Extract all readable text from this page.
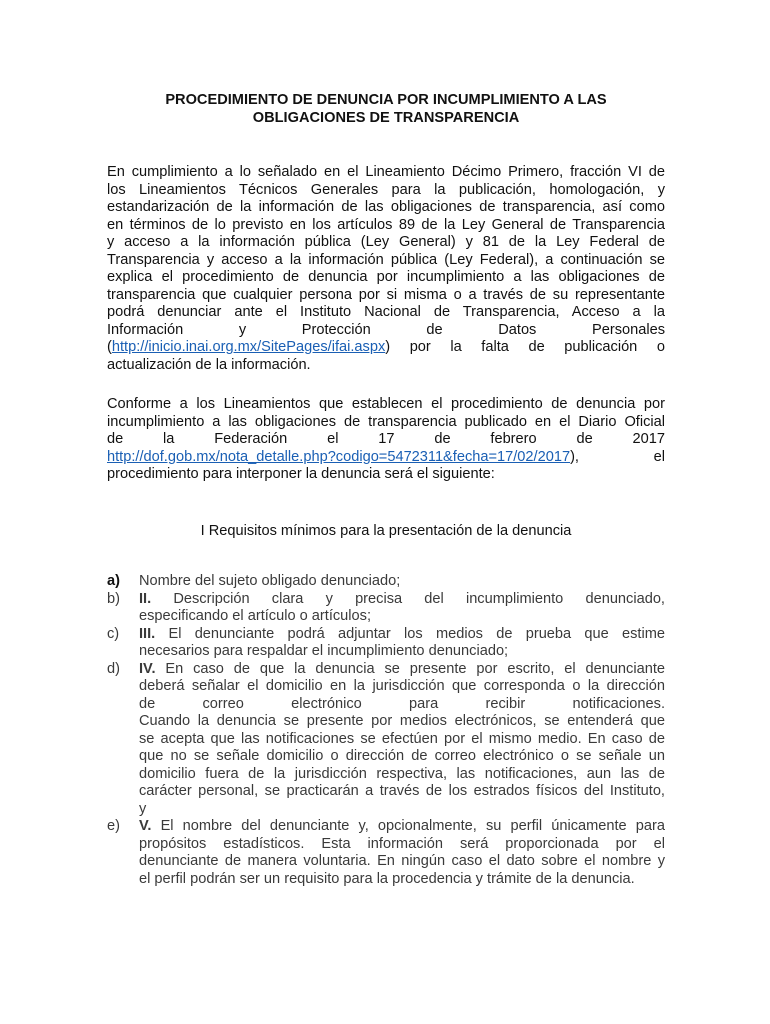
PROCEDIMIENTO DE DENUNCIA POR INCUMPLIMIENTO A LAS
OBLIGACIONES DE TRANSPARENCIA

En cumplimiento a lo señalado en el Lineamiento Décimo Primero, fracción VI de
los Lineamientos Técnicos Generales para la publicación, homologación, y
estandarización de la información de las obligaciones de transparencia, así como
en términos de lo previsto en los artículos 89 de la Ley General de Transparencia
y acceso a la información pública (Ley General) y 81 de la Ley Federal de
Transparencia y acceso a la información pública (Ley Federal), a continuación se
explica el procedimiento de denuncia por incumplimiento a las obligaciones de
transparencia que cualquier persona por si misma o a través de su representante
podrá denunciar ante el Instituto Nacional de Transparencia, Acceso a la
Información y Protección de Datos Personales
(http://inicio.inai.org.mx/SitePages/ifai.aspx) por la falta de publicación o
actualización de la información.
Conforme a los Lineamientos que establecen el procedimiento de denuncia por
incumplimiento a las obligaciones de transparencia publicado en el Diario Oficial
de la Federación el 17 de febrero de 2017
http://dof.gob.mx/nota_detalle.php?codigo=5472311&fecha=17/02/2017), el
procedimiento para interponer la denuncia será el siguiente:
I Requisitos mínimos para la presentación de la denuncia
a)	Nombre del sujeto obligado denunciado;
b)	II. Descripción clara y precisa del incumplimiento denunciado,
especificando el artículo o artículos;
c)	III. El denunciante podrá adjuntar los medios de prueba que estime
necesarios para respaldar el incumplimiento denunciado;
d)	IV. En caso de que la denuncia se presente por escrito, el denunciante
deberá señalar el domicilio en la jurisdicción que corresponda o la dirección
de correo electrónico para recibir notificaciones.
Cuando la denuncia se presente por medios electrónicos, se entenderá que
se acepta que las notificaciones se efectúen por el mismo medio. En caso de
que no se señale domicilio o dirección de correo electrónico o se señale un
domicilio fuera de la jurisdicción respectiva, las notificaciones, aun las de
carácter personal, se practicarán a través de los estrados físicos del Instituto,
y
e)	V. El nombre del denunciante y, opcionalmente, su perfil únicamente para
propósitos estadísticos. Esta información será proporcionada por el
denunciante de manera voluntaria. En ningún caso el dato sobre el nombre y
el perfil podrán ser un requisito para la procedencia y trámite de la denuncia.
